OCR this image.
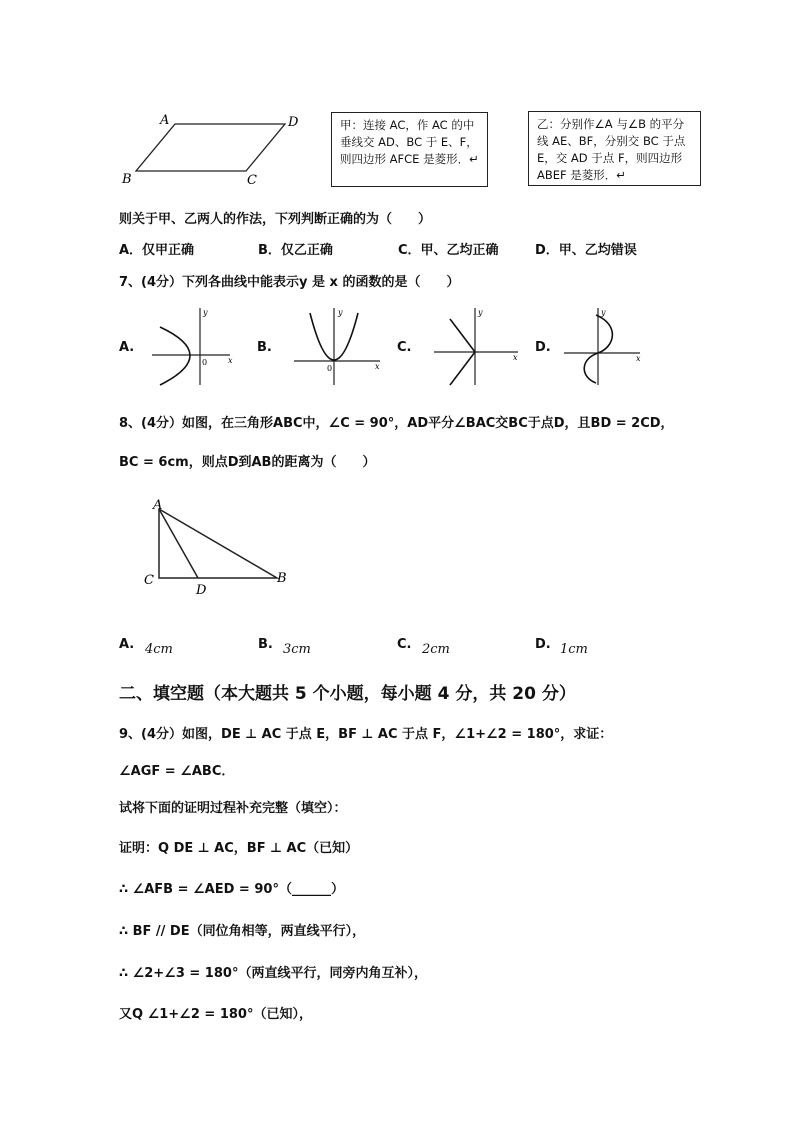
A	D
B	C
甲：连接 AC，作 AC 的中垂线交 AD、BC 于 E、F，则四边形 AFCE 是菱形．↵
乙：分别作∠A 与∠B 的平分线 AE、BF，分别交 BC 于点 E，交 AD 于点 F，则四边形 ABEF 是菱形．↵
则关于甲、乙两人的作法，下列判断正确的为（　　）
A．仅甲正确	B．仅乙正确	C．甲、乙均正确	D．甲、乙均错误
7、(4分）下列各曲线中能表示y 是 x 的函数的是（　　）
A.
y
x
0
B.
y
x
0
C.
y
x
D.
y
x
8、(4分）如图，在三角形ABC中，∠C = 90°，AD平分∠BAC交BC于点D，且BD = 2CD，
BC = 6cm，则点D到AB的距离为（　　）
A
C
D
B
A. 4cm	B. 3cm	C. 2cm	D. 1cm
二、填空题（本大题共 5 个小题，每小题 4 分，共 20 分）
9、(4分）如图，DE ⊥ AC 于点 E，BF ⊥ AC 于点 F，∠1+∠2 = 180°，求证：
∠AGF = ∠ABC．
试将下面的证明过程补充完整（填空）：
证明：Q DE ⊥ AC，BF ⊥ AC（已知）
∴ ∠AFB = ∠AED = 90°（______）
∴ BF // DE（同位角相等，两直线平行），
∴ ∠2+∠3 = 180°（两直线平行，同旁内角互补），
又Q ∠1+∠2 = 180°（已知），
